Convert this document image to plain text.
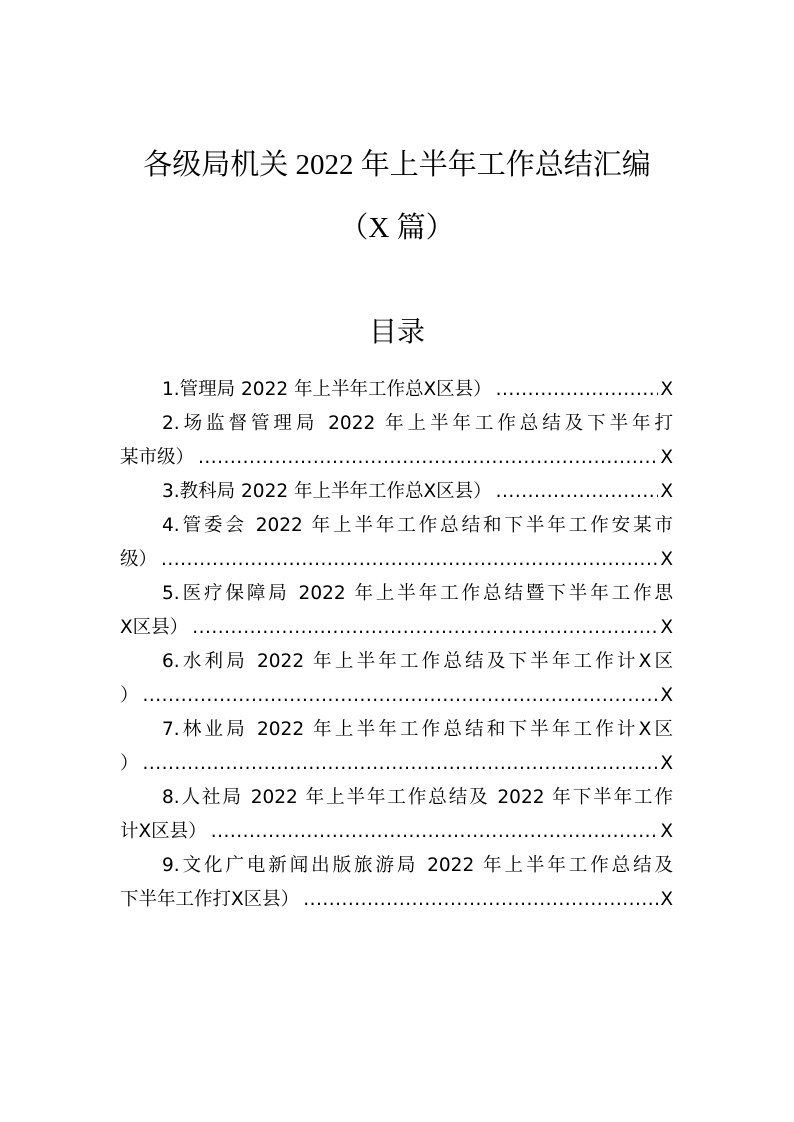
各级局机关 2022 年上半年工作总结汇编
（X 篇）
目录
1.管理局 2022 年上半年工作总X区县） .....	X
2.场监督管理局 2022 年上半年工作总结及下半年打
某市级） .....	X
3.教科局 2022 年上半年工作总X区县） .....	X
4.管委会 2022 年上半年工作总结和下半年工作安某市
级） .....	X
5.医疗保障局 2022 年上半年工作总结暨下半年工作思
X区县） .....	X
6.水利局 2022 年上半年工作总结及下半年工作计X区
） .....	X
7.林业局 2022 年上半年工作总结和下半年工作计X区
） .....	X
8.人社局 2022 年上半年工作总结及 2022 年下半年工作
计X区县） .....	X
9.文化广电新闻出版旅游局 2022 年上半年工作总结及
下半年工作打X区县） .....	X
